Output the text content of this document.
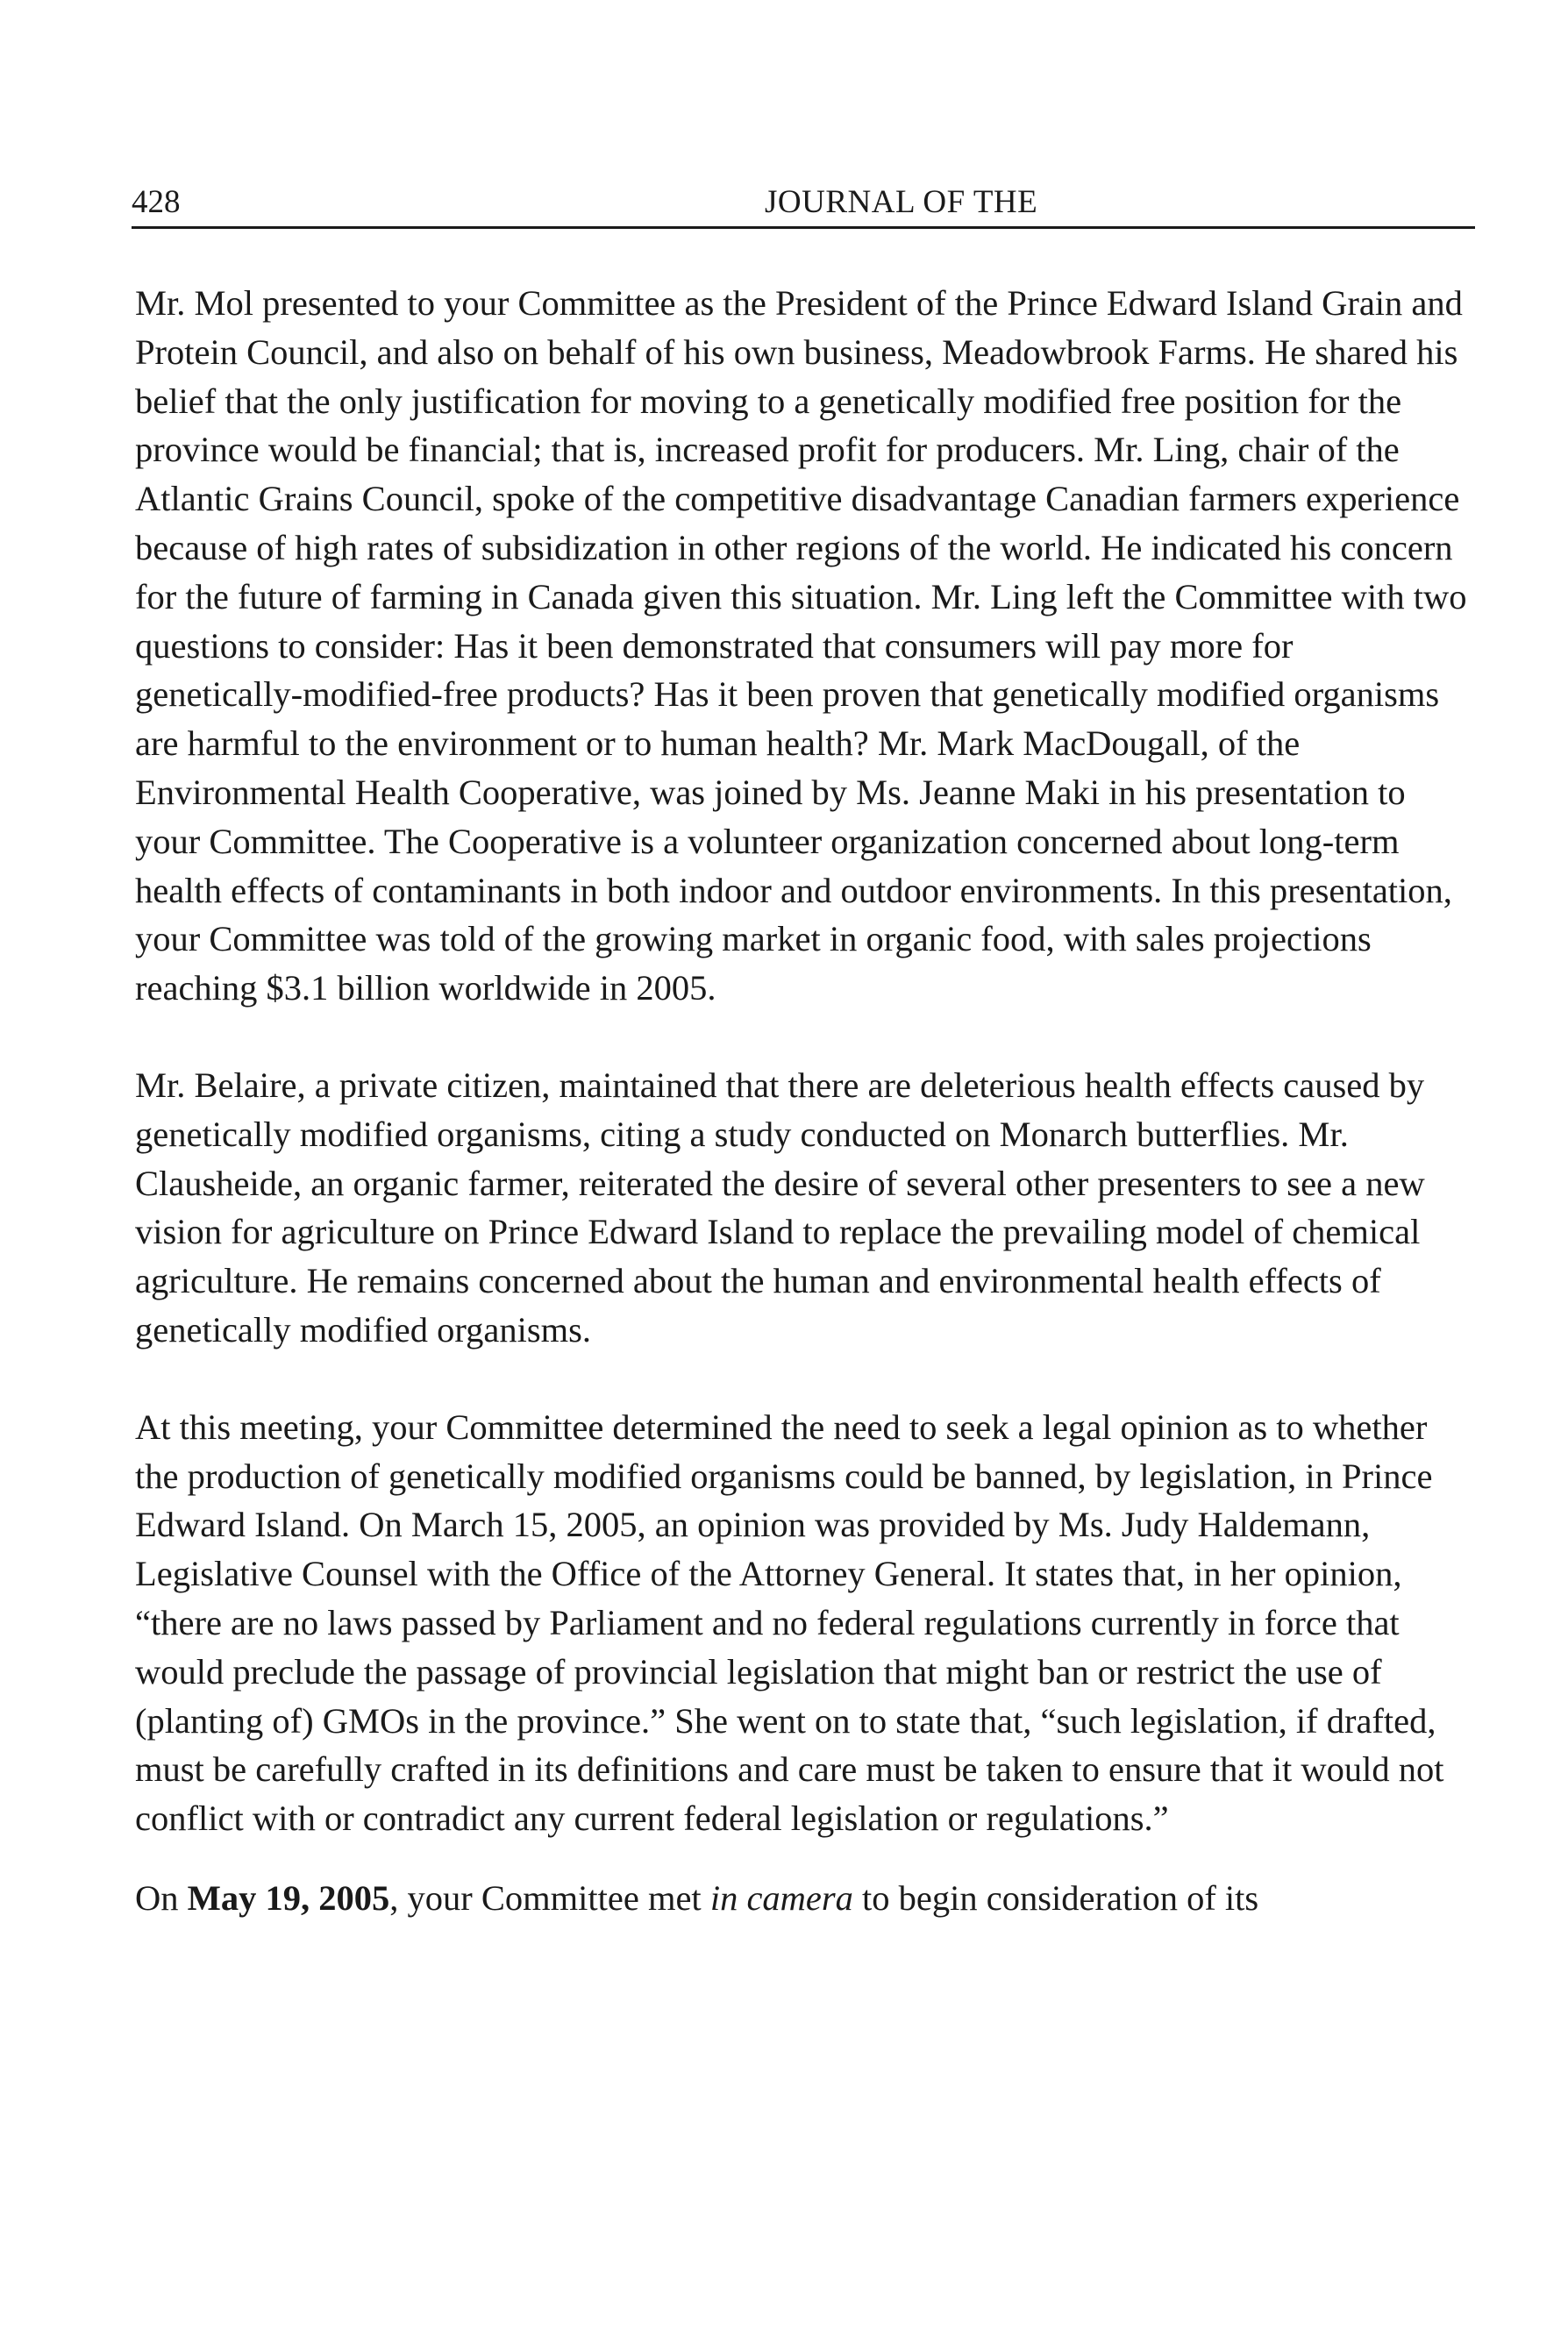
428	JOURNAL OF THE

Mr. Mol presented to your Committee as the President of the Prince Edward Island Grain and Protein Council, and also on behalf of his own business, Meadowbrook Farms. He shared his belief that the only justification for moving to a genetically modified free position for the province would be financial; that is, increased profit for producers. Mr. Ling, chair of the Atlantic Grains Council, spoke of the competitive disadvantage Canadian farmers experience because of high rates of subsidization in other regions of the world. He indicated his concern for the future of farming in Canada given this situation. Mr. Ling left the Committee with two questions to consider: Has it been demonstrated that consumers will pay more for genetically-modified-free products? Has it been proven that genetically modified organisms are harmful to the environment or to human health? Mr. Mark MacDougall, of the Environmental Health Cooperative, was joined by Ms. Jeanne Maki in his presentation to your Committee. The Cooperative is a volunteer organization concerned about long-term health effects of contaminants in both indoor and outdoor environments. In this presentation, your Committee was told of the growing market in organic food, with sales projections reaching $3.1 billion worldwide in 2005.

Mr. Belaire, a private citizen, maintained that there are deleterious health effects caused by genetically modified organisms, citing a study conducted on Monarch butterflies. Mr. Clausheide, an organic farmer, reiterated the desire of several other presenters to see a new vision for agriculture on Prince Edward Island to replace the prevailing model of chemical agriculture. He remains concerned about the human and environmental health effects of genetically modified organisms.

At this meeting, your Committee determined the need to seek a legal opinion as to whether the production of genetically modified organisms could be banned, by legislation, in Prince Edward Island. On March 15, 2005, an opinion was provided by Ms. Judy Haldemann, Legislative Counsel with the Office of the Attorney General. It states that, in her opinion, “there are no laws passed by Parliament and no federal regulations currently in force that would preclude the passage of provincial legislation that might ban or restrict the use of (planting of) GMOs in the province.” She went on to state that, “such legislation, if drafted, must be carefully crafted in its definitions and care must be taken to ensure that it would not conflict with or contradict any current federal legislation or regulations.”

On May 19, 2005, your Committee met in camera to begin consideration of its
